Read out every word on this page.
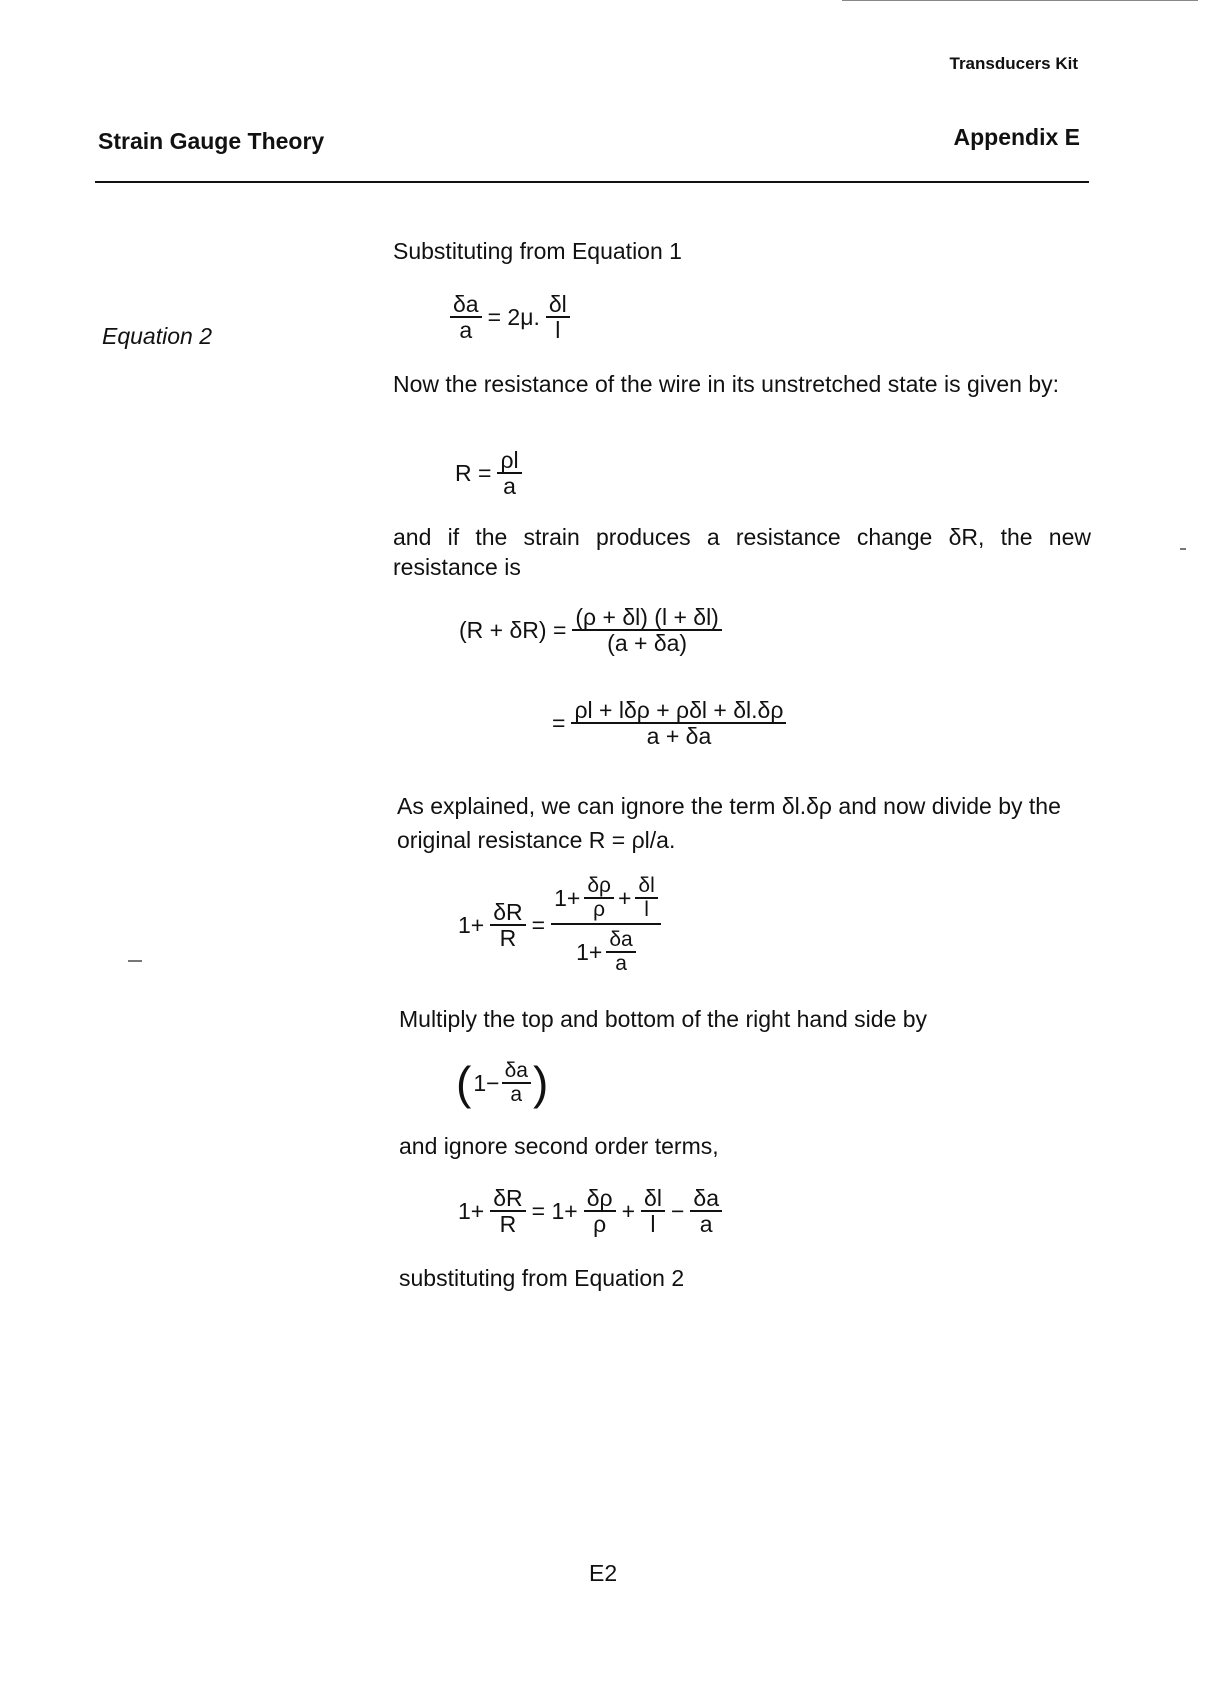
Transducers Kit
Strain Gauge Theory	Appendix E
Equation 2
Substituting from Equation 1
$\frac{\delta a}{a} = 2\mu$. $\frac{\delta l}{l}$
Now the resistance of the wire in its unstretched state is given by:
$R = \frac{\rho l}{a}$
and if the strain produces a resistance change δR, the new resistance is
$(R + \delta R) = \frac{(\rho + \delta l) (l + \delta l)}{(a + \delta a)}$
= $\frac{\text{ρl + lδρ + ρδl + δl.δρ}}{a + \delta a}$
As explained, we can ignore the term δl.δρ and now divide by the original resistance R = ρl/a.
$1+ \frac{\delta R}{R}$ =
$1+ \frac{\delta\rho}{\rho} + \frac{\delta l}{l}$
$1+ \frac{\delta a}{a}$
Multiply the top and bottom of the right hand side by
( $1- \frac{\delta a}{a}$ )
and ignore second order terms,
$1+ \frac{\delta R}{R} = 1+ \frac{\delta\rho}{\rho} + \frac{\delta l}{l} - \frac{\delta a}{a}$
substituting from Equation 2
E2
